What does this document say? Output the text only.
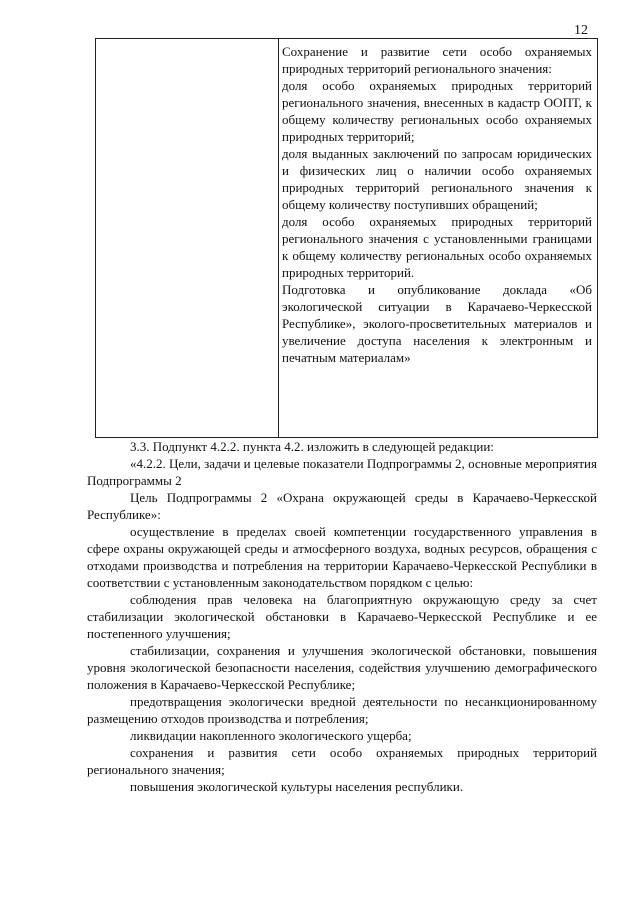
12

Сохранение и развитие сети особо охраняемых природных территорий регионального значения:

доля особо охраняемых природных территорий регионального значения, внесенных в кадастр ООПТ, к общему количеству региональных особо охраняемых природных территорий;

доля выданных заключений по запросам юридических и физических лиц о наличии особо охраняемых природных территорий регионального значения к общему количеству поступивших обращений;

доля особо охраняемых природных территорий регионального значения с установленными границами к общему количеству региональных особо охраняемых природных территорий.

Подготовка и опубликование доклада «Об экологической ситуации в Карачаево-Черкесской Республике», эколого-просветительных материалов и увеличение доступа населения к электронным и печатным материалам»

3.3. Подпункт 4.2.2. пункта 4.2. изложить в следующей редакции:

«4.2.2. Цели, задачи и целевые показатели Подпрограммы 2, основные мероприятия Подпрограммы 2

Цель Подпрограммы 2 «Охрана окружающей среды в Карачаево-Черкесской Республике»:

осуществление в пределах своей компетенции государственного управления в сфере охраны окружающей среды и атмосферного воздуха, водных ресурсов, обращения с отходами производства и потребления на территории Карачаево-Черкесской Республики в соответствии с установленным законодательством порядком с целью:

соблюдения прав человека на благоприятную окружающую среду за счет стабилизации экологической обстановки в Карачаево-Черкесской Республике и ее постепенного улучшения;

стабилизации, сохранения и улучшения экологической обстановки, повышения уровня экологической безопасности населения, содействия улучшению демографического положения в Карачаево-Черкесской Республике;

предотвращения экологически вредной деятельности по несанкционированному размещению отходов производства и потребления;

ликвидации накопленного экологического ущерба;

сохранения и развития сети особо охраняемых природных территорий регионального значения;

повышения экологической культуры населения республики.
